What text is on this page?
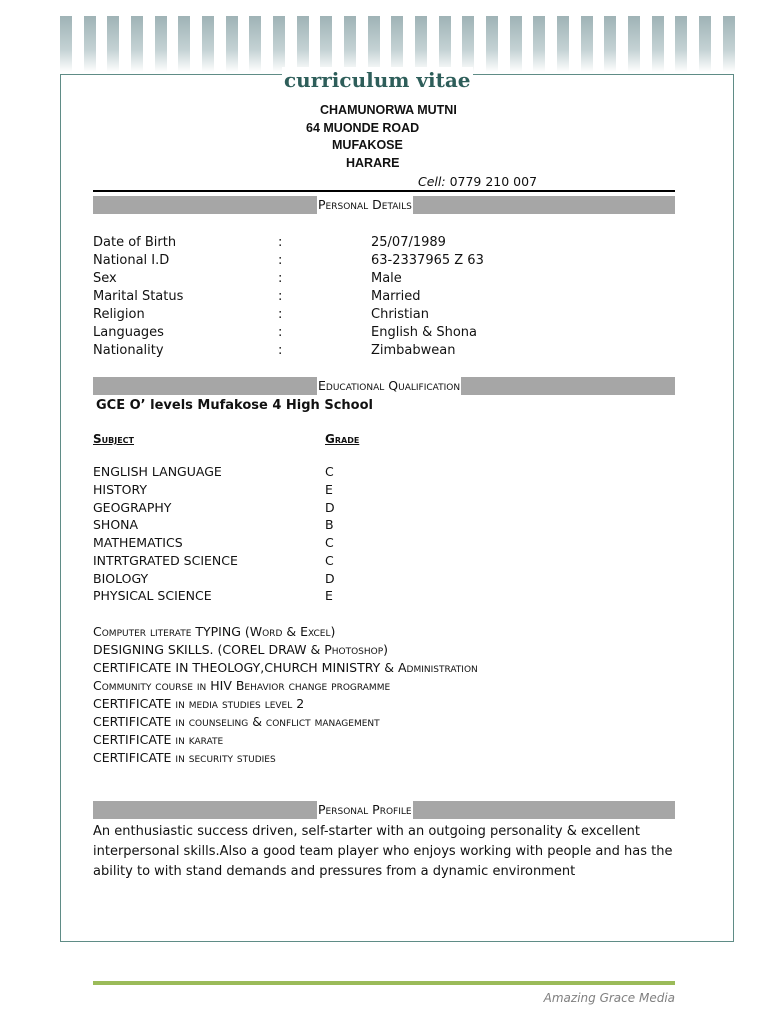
curriculum vitae
CHAMUNORWA MUTNI
64 MUONDE ROAD
MUFAKOSE
HARARE
Cell: 0779 210 007
Personal Details
Date of Birth	:	25/07/1989
National I.D	:	63-2337965 Z 63
Sex	:	Male
Marital Status	:	Married
Religion	:	Christian
Languages	:	English & Shona
Nationality	:	Zimbabwean
Educational Qualification
GCE O’ levels Mufakose 4 High School
Subject	Grade
ENGLISH LANGUAGE	C
HISTORY	E
GEOGRAPHY	D
SHONA	B
MATHEMATICS	C
INTRTGRATED SCIENCE	C
BIOLOGY	D
PHYSICAL SCIENCE	E
Computer literate TYPING (Word & Excel)
DESIGNING SKILLS. (COREL DRAW & Photoshop)
CERTIFICATE IN THEOLOGY,CHURCH MINISTRY & Administration
Community course in HIV Behavior change programme
CERTIFICATE in media studies level 2
CERTIFICATE in counseling & conflict management
CERTIFICATE in karate
CERTIFICATE in security studies
Personal Profile

An enthusiastic success driven, self-starter with an outgoing personality & excellent interpersonal skills.Also a good team player who enjoys working with people and has the ability to with stand demands and pressures from a dynamic environment

Amazing Grace Media
